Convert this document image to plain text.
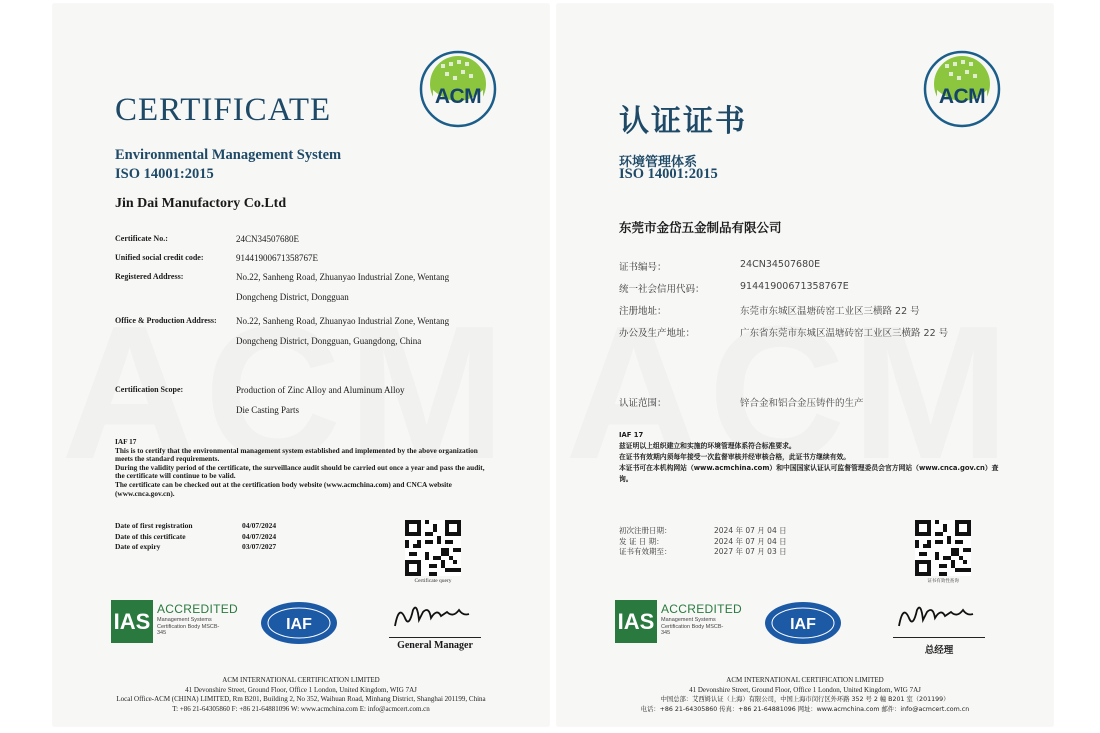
ACM
CERTIFICATE
Environmental Management System
ISO 14001:2015
Jin Dai Manufactory Co.Ltd
Certificate No.:	24CN34507680E
Unified social credit code:	91441900671358767E
Registered Address:	No.22, Sanheng Road, Zhuanyao Industrial Zone, Wentang
Dongcheng District, Dongguan
Office & Production Address:	No.22, Sanheng Road, Zhuanyao Industrial Zone, Wentang
Dongcheng District, Dongguan, Guangdong, China
Certification Scope:	Production of Zinc Alloy and Aluminum Alloy
Die Casting Parts

IAF 17

This is to certify that the environmental management system established and implemented by the above organization meets the standard requirements.

During the validity period of the certificate, the surveillance audit should be carried out once a year and pass the audit, the certificate will continue to be valid.

The certificate can be checked out at the certification body website (www.acmchina.com) and CNCA website (www.cnca.gov.cn).

Date of first registration	04/07/2024
Date of this certificate	04/07/2024
Date of expiry	03/07/2027
Certificate query
IAS ACCREDITED
Management Systems Certification Body MSCB-345	IAF
General Manager
ACM INTERNATIONAL CERTIFICATION LIMITED
41 Devonshire Street, Ground Floor, Office 1 London, United Kingdom, WIG 7AJ
Local Office-ACM (CHINA) LIMITED, Rm B201, Building 2, No 352, Waihuan Road, Minhang District, Shanghai 201199, China
T: +86 21-64305860 F: +86 21-64881096 W: www.acmchina.com E: info@acmcert.com.cn
ACM
认证证书
环境管理体系
ISO 14001:2015
东莞市金岱五金制品有限公司
证书编号：	24CN34507680E
统一社会信用代码：	91441900671358767E
注册地址：	东莞市东城区温塘砖窑工业区三横路 22 号
办公及生产地址：	广东省东莞市东城区温塘砖窑工业区三横路 22 号
认证范围：	锌合金和铝合金压铸件的生产

IAF 17

兹证明以上组织建立和实施的环境管理体系符合标准要求。

在证书有效期内须每年接受一次监督审核并经审核合格，此证书方继续有效。

本证书可在本机构网站（www.acmchina.com）和中国国家认证认可监督管理委员会官方网站（www.cnca.gov.cn）查询。

初次注册日期：	2024 年 07 月 04 日
发 证 日 期：	2024 年 07 月 04 日
证书有效期至：	2027 年 07 月 03 日
证书有效性查询
IAS ACCREDITED
Management Systems Certification Body MSCB-345	IAF
总经理
ACM INTERNATIONAL CERTIFICATION LIMITED
41 Devonshire Street, Ground Floor, Office 1 London, United Kingdom, WIG 7AJ
中国总部：艾西姆认证（上海）有限公司，中国上海市闵行区外环路 352 号 2 幢 B201 室（201199）
电话：+86 21-64305860 传真：+86 21-64881096 网址：www.acmchina.com 邮件：info@acmcert.com.cn
